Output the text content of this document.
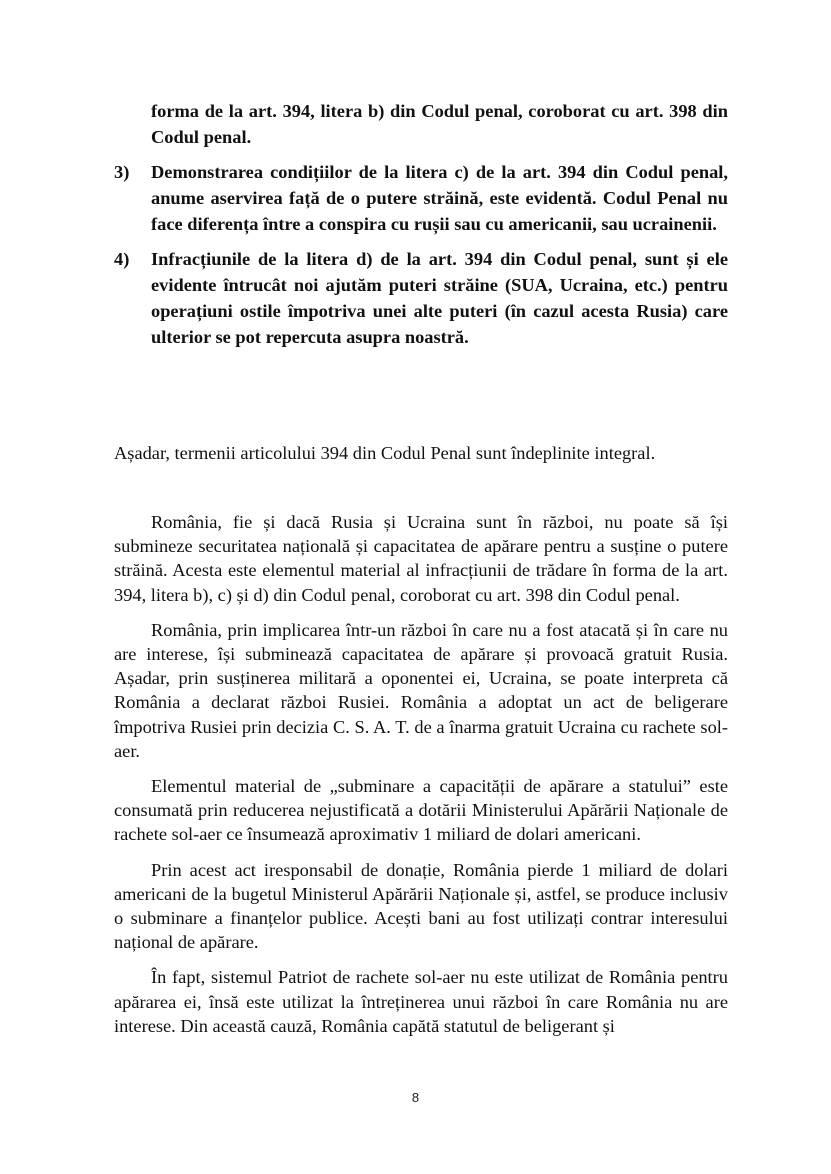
forma de la art. 394, litera b) din Codul penal, coroborat cu art. 398 din Codul penal.
3) Demonstrarea condițiilor de la litera c) de la art. 394 din Codul penal, anume aservirea față de o putere străină, este evidentă. Codul Penal nu face diferența între a conspira cu rușii sau cu americanii, sau ucrainenii.
4) Infracțiunile de la litera d) de la art. 394 din Codul penal, sunt și ele evidente întrucât noi ajutăm puteri străine (SUA, Ucraina, etc.) pentru operațiuni ostile împotriva unei alte puteri (în cazul acesta Rusia) care ulterior se pot repercuta asupra noastră.
Așadar, termenii articolului 394 din Codul Penal sunt îndeplinite integral.

România, fie și dacă Rusia și Ucraina sunt în război, nu poate să își submineze securitatea națională și capacitatea de apărare pentru a susține o putere străină. Acesta este elementul material al infracțiunii de trădare în forma de la art. 394, litera b), c) și d) din Codul penal, coroborat cu art. 398 din Codul penal.

România, prin implicarea într-un război în care nu a fost atacată și în care nu are interese, își subminează capacitatea de apărare și provoacă gratuit Rusia. Așadar, prin susținerea militară a oponentei ei, Ucraina, se poate interpreta că România a declarat război Rusiei. România a adoptat un act de beligerare împotriva Rusiei prin decizia C. S. A. T. de a înarma gratuit Ucraina cu rachete sol-aer.

Elementul material de „subminare a capacității de apărare a statului” este consumată prin reducerea nejustificată a dotării Ministerului Apărării Naționale de rachete sol-aer ce însumează aproximativ 1 miliard de dolari americani.

Prin acest act iresponsabil de donație, România pierde 1 miliard de dolari americani de la bugetul Ministerul Apărării Naționale și, astfel, se produce inclusiv o subminare a finanțelor publice. Acești bani au fost utilizați contrar interesului național de apărare.

În fapt, sistemul Patriot de rachete sol-aer nu este utilizat de România pentru apărarea ei, însă este utilizat la întreținerea unui război în care România nu are interese. Din această cauză, România capătă statutul de beligerant și

8
